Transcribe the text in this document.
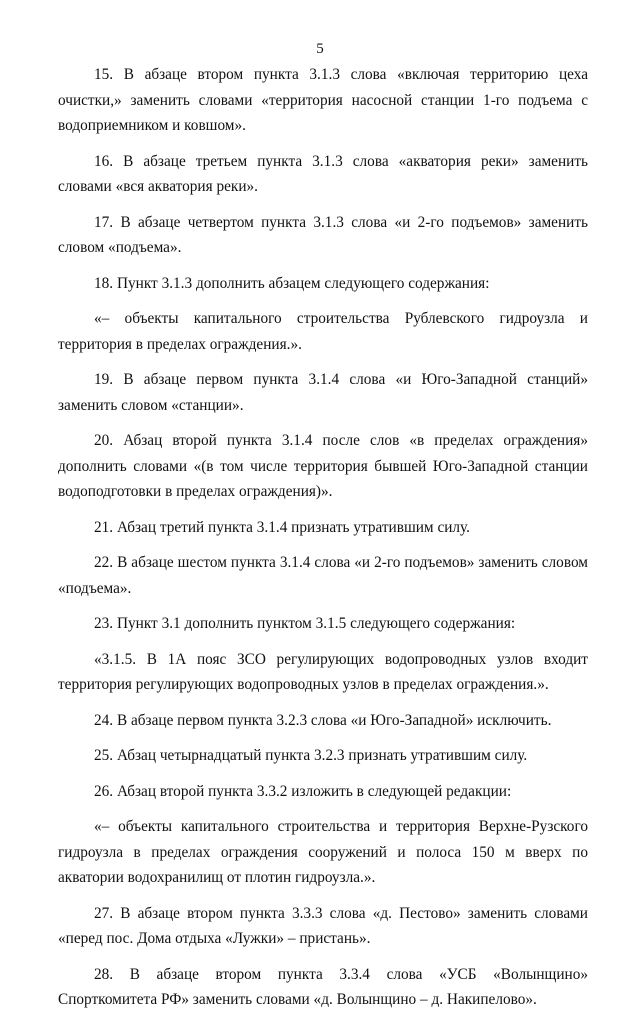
5

15. В абзаце втором пункта 3.1.3 слова «включая территорию цеха очистки,» заменить словами «территория насосной станции 1-го подъема с водоприемником и ковшом».

16. В абзаце третьем пункта 3.1.3 слова «акватория реки» заменить словами «вся акватория реки».

17. В абзаце четвертом пункта 3.1.3 слова «и 2-го подъемов» заменить словом «подъема».

18. Пункт 3.1.3 дополнить абзацем следующего содержания:

«– объекты капитального строительства Рублевского гидроузла и территория в пределах ограждения.».

19. В абзаце первом пункта 3.1.4 слова «и Юго-Западной станций» заменить словом «станции».

20. Абзац второй пункта 3.1.4 после слов «в пределах ограждения» дополнить словами «(в том числе территория бывшей Юго-Западной станции водоподготовки в пределах ограждения)».

21. Абзац третий пункта 3.1.4 признать утратившим силу.

22. В абзаце шестом пункта 3.1.4 слова «и 2-го подъемов» заменить словом «подъема».

23. Пункт 3.1 дополнить пунктом 3.1.5 следующего содержания:

«3.1.5. В 1А пояс ЗСО регулирующих водопроводных узлов входит территория регулирующих водопроводных узлов в пределах ограждения.».

24. В абзаце первом пункта 3.2.3 слова «и Юго-Западной» исключить.

25. Абзац четырнадцатый пункта 3.2.3 признать утратившим силу.

26. Абзац второй пункта 3.3.2 изложить в следующей редакции:

«– объекты капитального строительства и территория Верхне-Рузского гидроузла в пределах ограждения сооружений и полоса 150 м вверх по акватории водохранилищ от плотин гидроузла.».

27. В абзаце втором пункта 3.3.3 слова «д. Пестово» заменить словами «перед пос. Дома отдыха «Лужки» – пристань».

28. В абзаце втором пункта 3.3.4 слова «УСБ «Волынщино» Спорткомитета РФ» заменить словами «д. Волынщино – д. Накипелово».
